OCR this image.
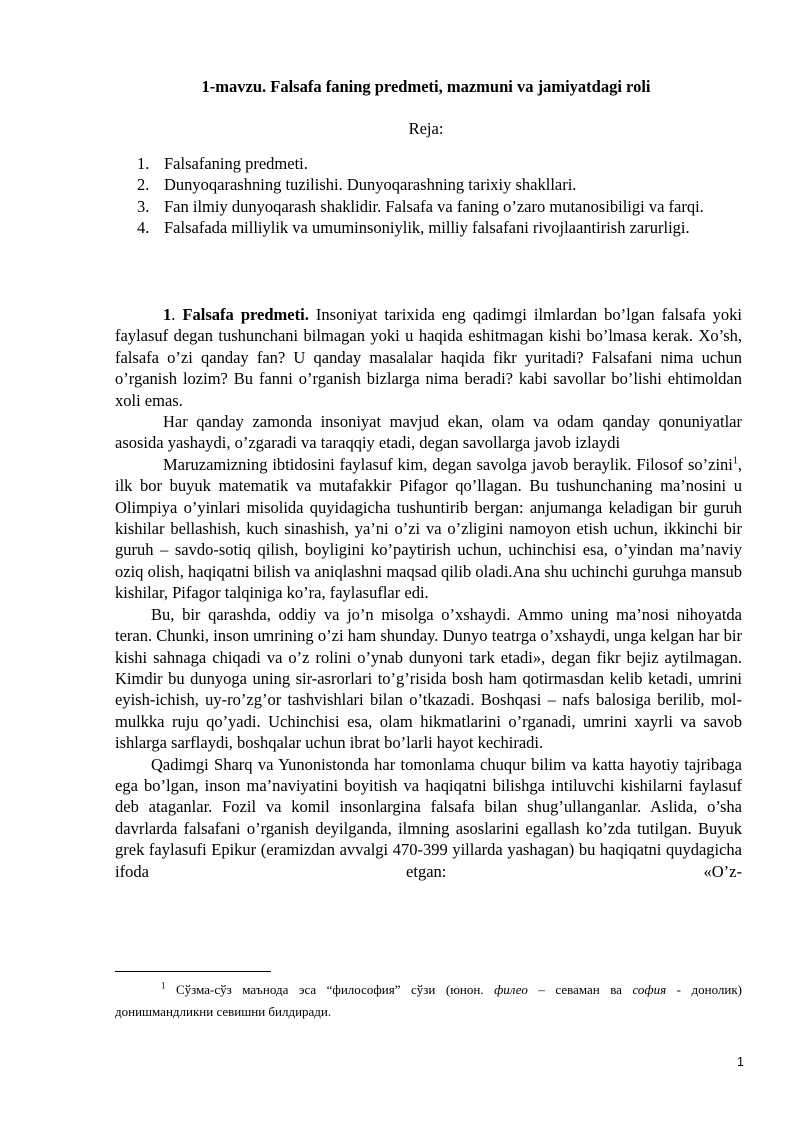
1-mavzu. Falsafa faning predmeti, mazmuni va jamiyatdagi roli

Reja:

1. Falsafaning predmeti.
2. Dunyoqarashning tuzilishi. Dunyoqarashning tarixiy shakllari.
3. Fan ilmiy dunyoqarash shaklidir. Falsafa va faning o’zaro mutanosibiligi va farqi.
4. Falsafada milliylik va umuminsoniylik, milliy falsafani rivojlaantirish zarurligi.

1. Falsafa predmeti. Insoniyat tarixida eng qadimgi ilmlardan bo’lgan falsafa yoki faylasuf degan tushunchani bilmagan yoki u haqida eshitmagan kishi bo’lmasa kerak. Xo’sh, falsafa o’zi qanday fan? U qanday masalalar haqida fikr yuritadi? Falsafani nima uchun o’rganish lozim? Bu fanni o’rganish bizlarga nima beradi? kabi savollar bo’lishi ehtimoldan xoli emas.

Har qanday zamonda insoniyat mavjud ekan, olam va odam qanday qonuniyatlar asosida yashaydi, o’zgaradi va taraqqiy etadi, degan savollarga javob izlaydi

Maruzamizning ibtidosini faylasuf kim, degan savolga javob beraylik. Filosof so’zini$^1$, ilk bor buyuk matematik va mutafakkir Pifagor qo’llagan. Bu tushunchaning ma’nosini u Olimpiya o’yinlari misolida quyidagicha tushuntirib bergan: anjumanga keladigan bir guruh kishilar bellashish, kuch sinashish, ya’ni o’zi va o’zligini namoyon etish uchun, ikkinchi bir guruh – savdo-sotiq qilish, boyligini ko’paytirish uchun, uchinchisi esa, o’yindan ma’naviy oziq olish, haqiqatni bilish va aniqlashni maqsad qilib oladi.Ana shu uchinchi guruhga mansub kishilar, Pifagor talqiniga ko’ra, faylasuflar edi.

Bu, bir qarashda, oddiy va jo’n misolga o’xshaydi. Ammo uning ma’nosi nihoyatda teran. Chunki, inson umrining o’zi ham shunday. Dunyo teatrga o’xshaydi, unga kelgan har bir kishi sahnaga chiqadi va o’z rolini o’ynab dunyoni tark etadi», degan fikr bejiz aytilmagan. Kimdir bu dunyoga uning sir-asrorlari to’g’risida bosh ham qotirmasdan kelib ketadi, umrini eyish-ichish, uy-ro’zg’or tashvishlari bilan o’tkazadi. Boshqasi – nafs balosiga berilib, mol-mulkka ruju qo’yadi. Uchinchisi esa, olam hikmatlarini o’rganadi, umrini xayrli va savob ishlarga sarflaydi, boshqalar uchun ibrat bo’larli hayot kechiradi.

Qadimgi Sharq va Yunonistonda har tomonlama chuqur bilim va katta hayotiy tajribaga ega bo’lgan, inson ma’naviyatini boyitish va haqiqatni bilishga intiluvchi kishilarni faylasuf deb ataganlar. Fozil va komil insonlargina falsafa bilan shug’ullanganlar. Aslida, o’sha davrlarda falsafani o’rganish deyilganda, ilmning asoslarini egallash ko’zda tutilgan. Buyuk grek faylasufi Epikur (eramizdan avvalgi 470-399 yillarda yashagan) bu haqiqatni quydagicha ifoda etgan: «O’z-

$^1$ Сўзма-сўз маънода эса “философия” сўзи (юнон. филео – севаман ва софия - донолик) донишмандликни севишни билдиради.

1
